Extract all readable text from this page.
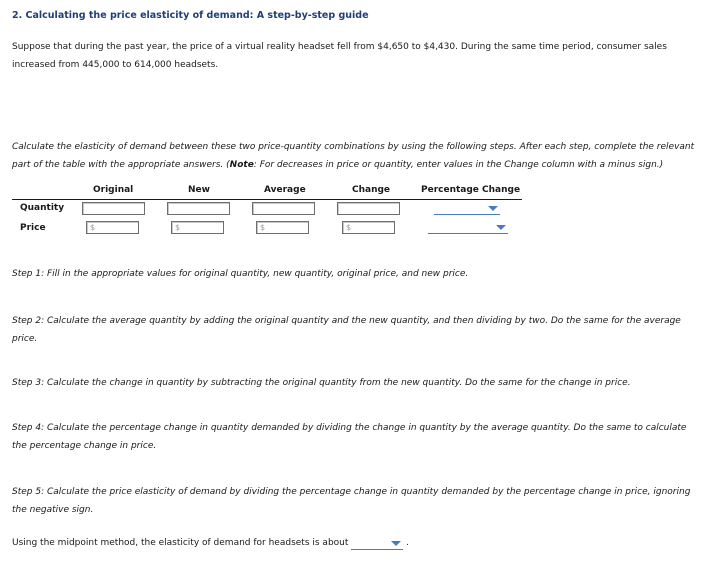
2. Calculating the price elasticity of demand: A step-by-step guide
Suppose that during the past year, the price of a virtual reality headset fell from $4,650 to $4,430. During the same time period, consumer sales increased from 445,000 to 614,000 headsets.
Calculate the elasticity of demand between these two price-quantity combinations by using the following steps. After each step, complete the relevant part of the table with the appropriate answers. (Note: For decreases in price or quantity, enter values in the Change column with a minus sign.)
Original	New	Average	Change	Percentage Change
Quantity
Price	$	$	$	$
Step 1: Fill in the appropriate values for original quantity, new quantity, original price, and new price.
Step 2: Calculate the average quantity by adding the original quantity and the new quantity, and then dividing by two. Do the same for the average price.
Step 3: Calculate the change in quantity by subtracting the original quantity from the new quantity. Do the same for the change in price.
Step 4: Calculate the percentage change in quantity demanded by dividing the change in quantity by the average quantity. Do the same to calculate the percentage change in price.
Step 5: Calculate the price elasticity of demand by dividing the percentage change in quantity demanded by the percentage change in price, ignoring the negative sign.
Using the midpoint method, the elasticity of demand for headsets is about	.
